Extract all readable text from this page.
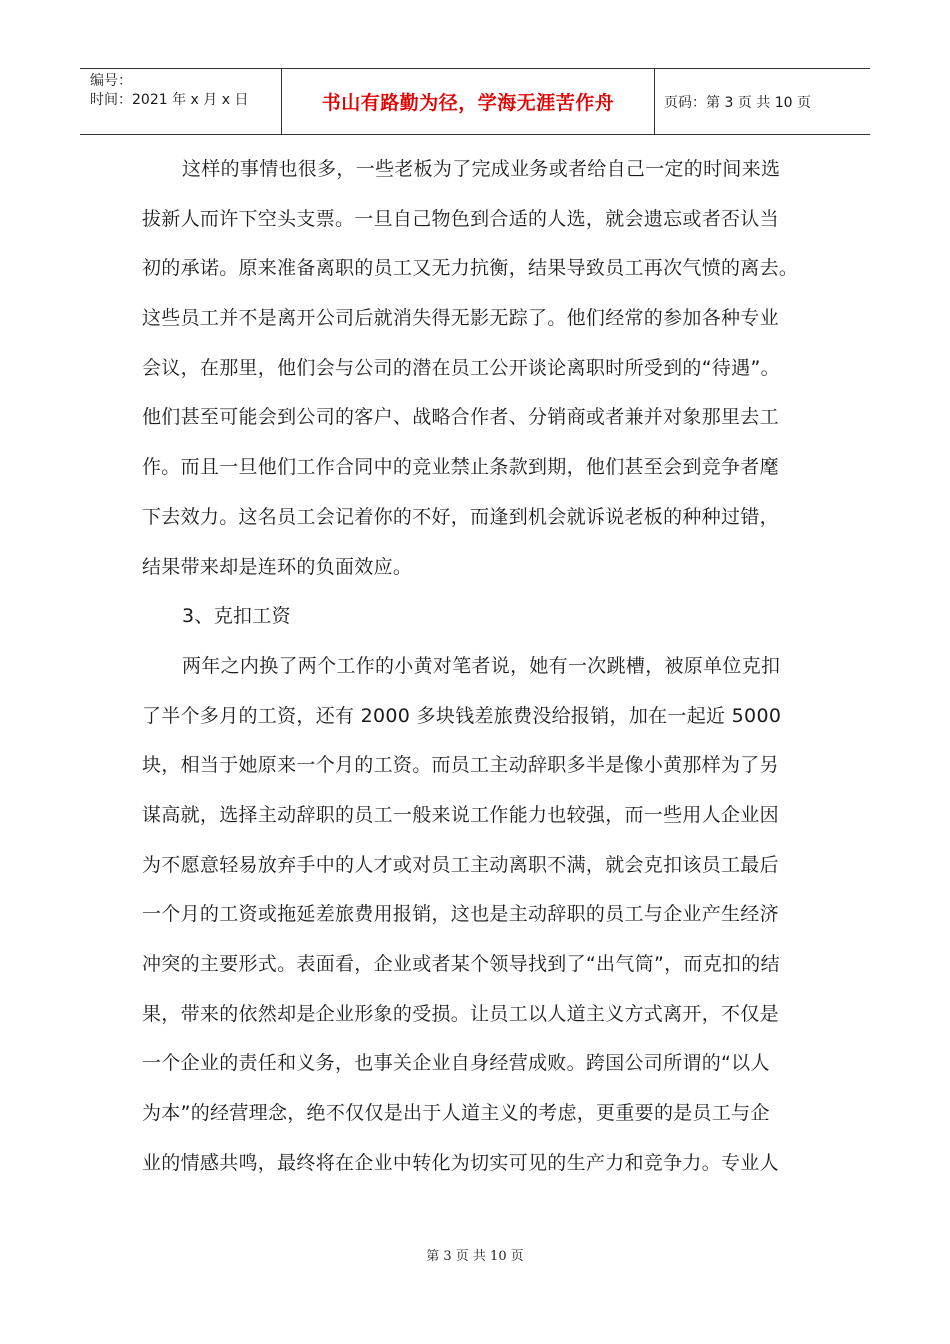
编号：
时间：2021 年 x 月 x 日	书山有路勤为径，学海无涯苦作舟	页码：第 3 页 共 10 页
这样的事情也很多，一些老板为了完成业务或者给自己一定的时间来选
拔新人而许下空头支票。一旦自己物色到合适的人选，就会遗忘或者否认当
初的承诺。原来准备离职的员工又无力抗衡，结果导致员工再次气愤的离去。
这些员工并不是离开公司后就消失得无影无踪了。他们经常的参加各种专业
会议，在那里，他们会与公司的潜在员工公开谈论离职时所受到的“待遇”。
他们甚至可能会到公司的客户、战略合作者、分销商或者兼并对象那里去工
作。而且一旦他们工作合同中的竞业禁止条款到期，他们甚至会到竞争者麾
下去效力。这名员工会记着你的不好，而逢到机会就诉说老板的种种过错，
结果带来却是连环的负面效应。
3、克扣工资
两年之内换了两个工作的小黄对笔者说，她有一次跳槽，被原单位克扣
了半个多月的工资，还有 2000 多块钱差旅费没给报销，加在一起近 5000
块，相当于她原来一个月的工资。而员工主动辞职多半是像小黄那样为了另
谋高就，选择主动辞职的员工一般来说工作能力也较强，而一些用人企业因
为不愿意轻易放弃手中的人才或对员工主动离职不满，就会克扣该员工最后
一个月的工资或拖延差旅费用报销，这也是主动辞职的员工与企业产生经济
冲突的主要形式。表面看，企业或者某个领导找到了“出气筒”，而克扣的结
果，带来的依然却是企业形象的受损。让员工以人道主义方式离开，不仅是
一个企业的责任和义务，也事关企业自身经营成败。跨国公司所谓的“以人
为本”的经营理念，绝不仅仅是出于人道主义的考虑，更重要的是员工与企
业的情感共鸣，最终将在企业中转化为切实可见的生产力和竞争力。专业人
第 3 页 共 10 页
